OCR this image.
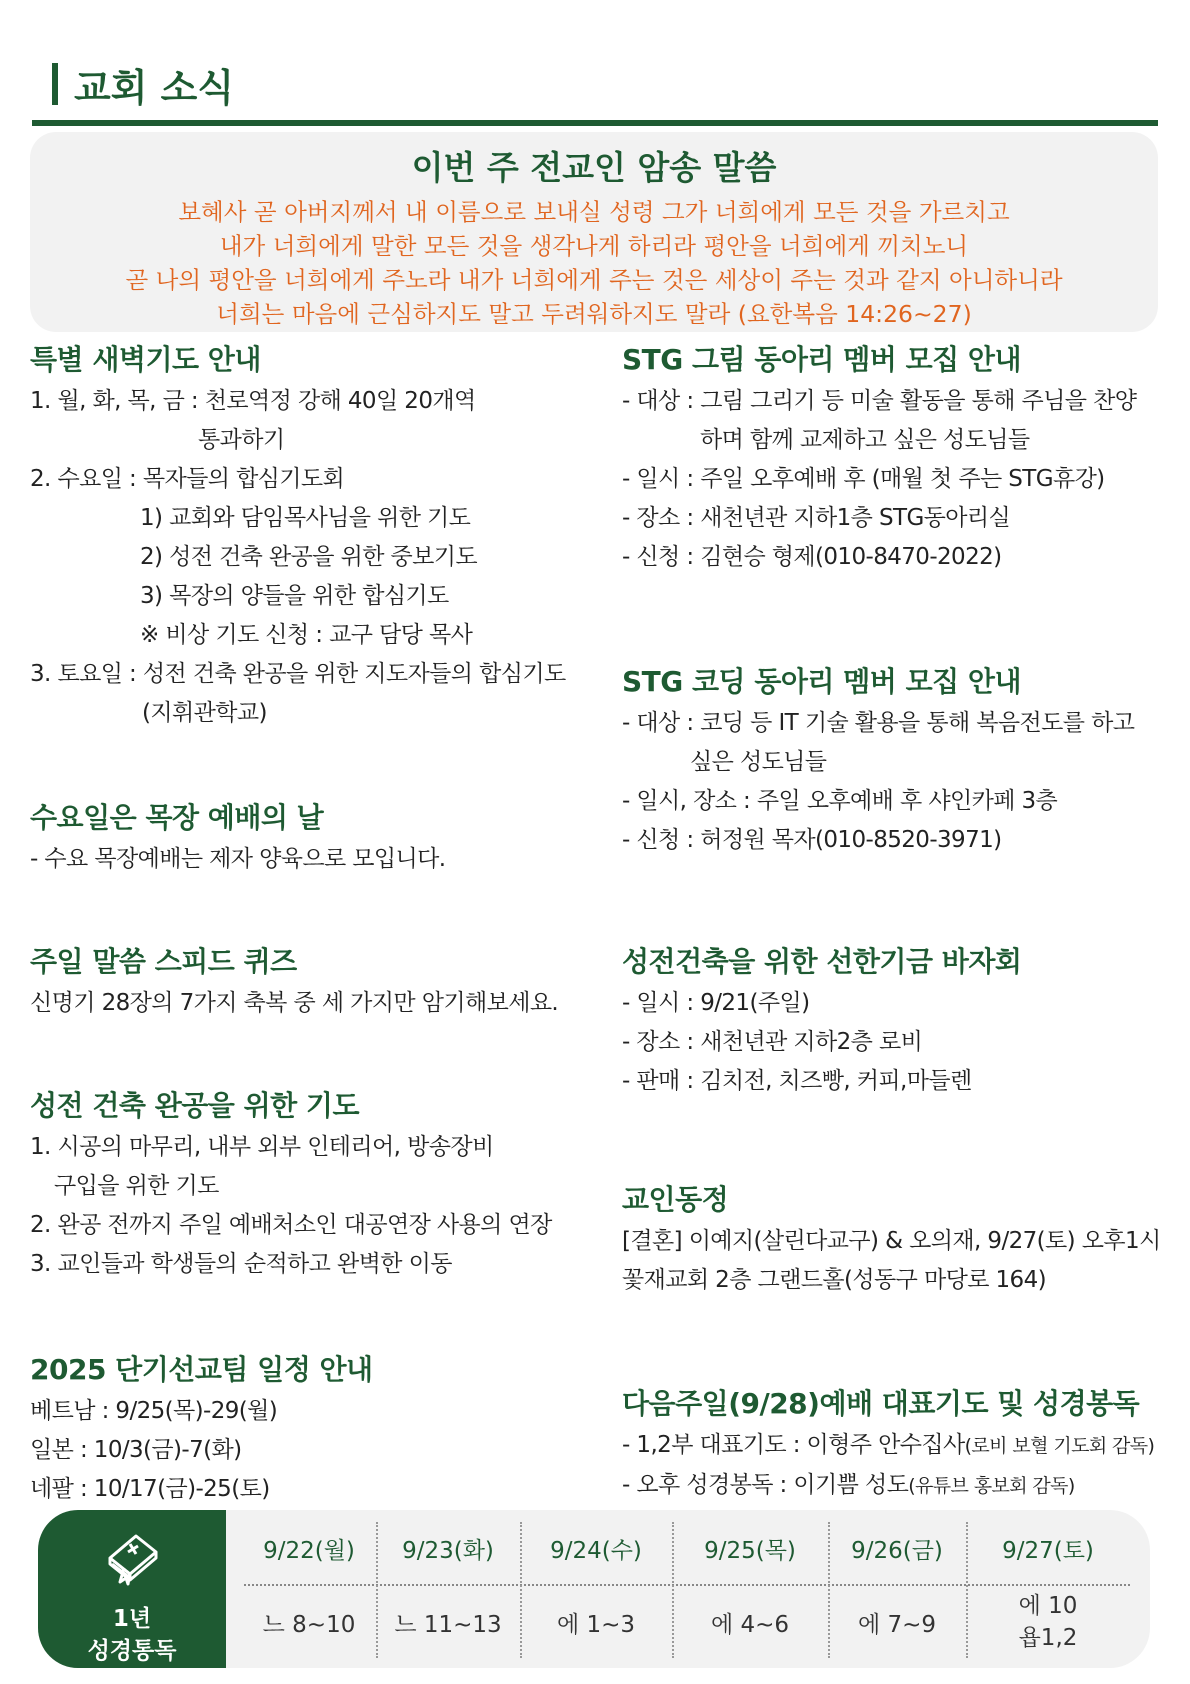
교회 소식
이번 주 전교인 암송 말씀
보혜사 곧 아버지께서 내 이름으로 보내실 성령 그가 너희에게 모든 것을 가르치고
내가 너희에게 말한 모든 것을 생각나게 하리라 평안을 너희에게 끼치노니
곧 나의 평안을 너희에게 주노라 내가 너희에게 주는 것은 세상이 주는 것과 같지 아니하니라
너희는 마음에 근심하지도 말고 두려워하지도 말라 (요한복음 14:26~27)
특별 새벽기도 안내
1. 월, 화, 목, 금 : 천로역정 강해 40일 20개역
통과하기
2. 수요일 : 목자들의 합심기도회
1) 교회와 담임목사님을 위한 기도
2) 성전 건축 완공을 위한 중보기도
3) 목장의 양들을 위한 합심기도
※ 비상 기도 신청 : 교구 담당 목사
3. 토요일 : 성전 건축 완공을 위한 지도자들의 합심기도
(지휘관학교)
수요일은 목장 예배의 날
- 수요 목장예배는 제자 양육으로 모입니다.
주일 말씀 스피드 퀴즈
신명기 28장의 7가지 축복 중 세 가지만 암기해보세요.
성전 건축 완공을 위한 기도
1. 시공의 마무리, 내부 외부 인테리어, 방송장비
구입을 위한 기도
2. 완공 전까지 주일 예배처소인 대공연장 사용의 연장
3. 교인들과 학생들의 순적하고 완벽한 이동
2025 단기선교팀 일정 안내
베트남 : 9/25(목)-29(월)
일본 : 10/3(금)-7(화)
네팔 : 10/17(금)-25(토)
STG 그림 동아리 멤버 모집 안내
- 대상 : 그림 그리기 등 미술 활동을 통해 주님을 찬양
하며 함께 교제하고 싶은 성도님들
- 일시 : 주일 오후예배 후 (매월 첫 주는 STG휴강)
- 장소 : 새천년관 지하1층 STG동아리실
- 신청 : 김현승 형제(010-8470-2022)
STG 코딩 동아리 멤버 모집 안내
- 대상 : 코딩 등 IT 기술 활용을 통해 복음전도를 하고
싶은 성도님들
- 일시, 장소 : 주일 오후예배 후 샤인카페 3층
- 신청 : 허정원 목자(010-8520-3971)
성전건축을 위한 선한기금 바자회
- 일시 : 9/21(주일)
- 장소 : 새천년관 지하2층 로비
- 판매 : 김치전, 치즈빵, 커피,마들렌
교인동정
[결혼] 이예지(살린다교구) & 오의재, 9/27(토) 오후1시
꽃재교회 2층 그랜드홀(성동구 마당로 164)
다음주일(9/28)예배 대표기도 및 성경봉독
- 1,2부 대표기도 : 이형주 안수집사(로비 보혈 기도회 감독)
- 오후 성경봉독 : 이기쁨 성도(유튜브 홍보회 감독)
1년
성경통독
9/22(월)
느 8~10
9/23(화)
느 11~13
9/24(수)
에 1~3
9/25(목)
에 4~6
9/26(금)
에 7~9
9/27(토)
에 10
욥1,2
